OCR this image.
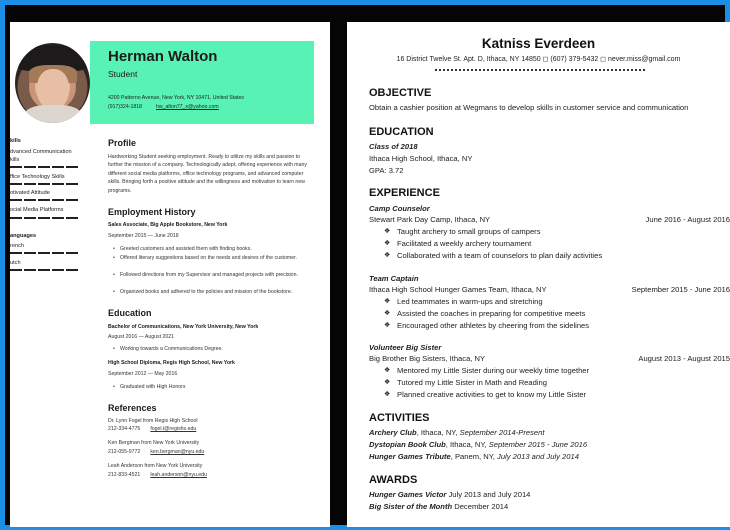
Herman Walton
Student
4200 Patterno Avenue, New York, NY 10471, United States
(917)324-1818	hw_alton77_x@yahoo.com
kills
dvanced Communication
kills
ffice Technology Skills
otivated Attitude
ocial Media Platforms
anguages
rench
utch
Profile
Hardworking Student seeking employment. Ready to utilize my skills and passion to further the mission of a company. Technologically adept, offering experience with many different social media platforms, office technology programs, and advanced computer skills. Bringing forth a positive attitude and the willingness and motivation to learn new programs.
Employment History
Sales Associate, Big Apple Bookstore, New York
September 2015 — June 2018
• Greeted customers and assisted them with finding books.
• Offered literary suggestions based on the needs and desires of the customer.
• Followed directions from my Supervisor and managed projects with precision.
• Organized books and adhered to the policies and mission of the bookstore.
Education
Bachelor of Communications, New York University, New York
August 2016 — August 2021
• Working towards a Communications Degree.
High School Diploma, Regis High School, New York
September 2012 — May 2016
• Graduated with High Honors
References
Dr. Lynn Fogel from Regis High School
212-334-4775 fogel.l@regishs.edu
Ken Bergman from New York University
212-055-9772 ken.bergman@nyu.edu
Leah Anderson from New York University
212-833-4521 leah.anderson@nyu.edu
Katniss Everdeen
16 District Twelve St. Apt. D, Ithaca, NY 14850 ◻ (607) 379-5432 ◻ never.miss@gmail.com
OBJECTIVE
Obtain a cashier position at Wegmans to develop skills in customer service and communication
EDUCATION
Class of 2018
Ithaca High School, Ithaca, NY
GPA: 3.72
EXPERIENCE
Camp Counselor
Stewart Park Day Camp, Ithaca, NY	June 2016 - August 2016
❖ Taught archery to small groups of campers
❖ Facilitated a weekly archery tournament
❖ Collaborated with a team of counselors to plan daily activities
Team Captain
Ithaca High School Hunger Games Team, Ithaca, NY	September 2015 - June 2016
❖ Led teammates in warm-ups and stretching
❖ Assisted the coaches in preparing for competitive meets
❖ Encouraged other athletes by cheering from the sidelines
Volunteer Big Sister
Big Brother Big Sisters, Ithaca, NY	August 2013 - August 2015
❖ Mentored my Little Sister during our weekly time together
❖ Tutored my Little Sister in Math and Reading
❖ Planned creative activities to get to know my Little Sister
ACTIVITIES
Archery Club, Ithaca, NY, September 2014-Present
Dystopian Book Club, Ithaca, NY, September 2015 - June 2016
Hunger Games Tribute, Panem, NY, July 2013 and July 2014
AWARDS
Hunger Games Victor July 2013 and July 2014
Big Sister of the Month December 2014
